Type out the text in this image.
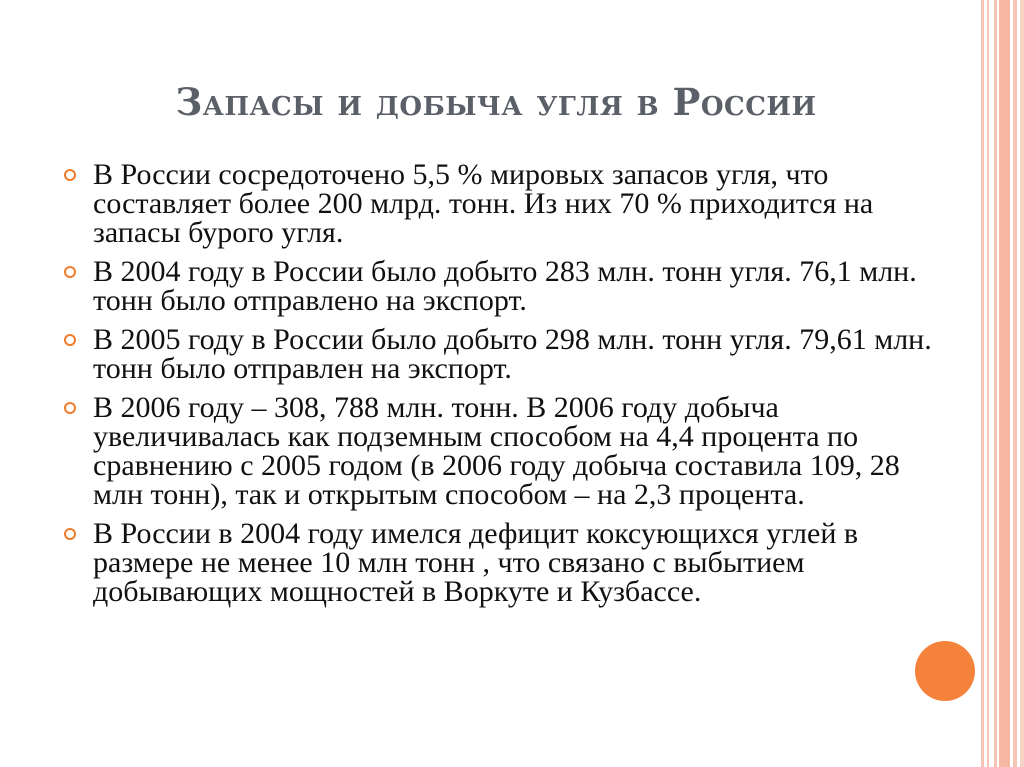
Запасы и добыча угля в России
В России сосредоточено 5,5 % мировых запасов угля, что составляет более 200 млрд. тонн. Из них 70 % приходится на запасы бурого угля.
В 2004 году в России было добыто 283 млн. тонн угля. 76,1 млн. тонн было отправлено на экспорт.
В 2005 году в России было добыто 298 млн. тонн угля. 79,61 млн. тонн было отправлен на экспорт.
В 2006 году – 308, 788 млн. тонн. В 2006 году добыча увеличивалась как подземным способом на 4,4 процента по сравнению с 2005 годом (в 2006 году добыча составила 109, 28 млн тонн), так и открытым способом – на 2,3 процента.
В России в 2004 году имелся дефицит коксующихся углей в размере не менее 10 млн тонн , что связано с выбытием добывающих мощностей в Воркуте и Кузбассе.
